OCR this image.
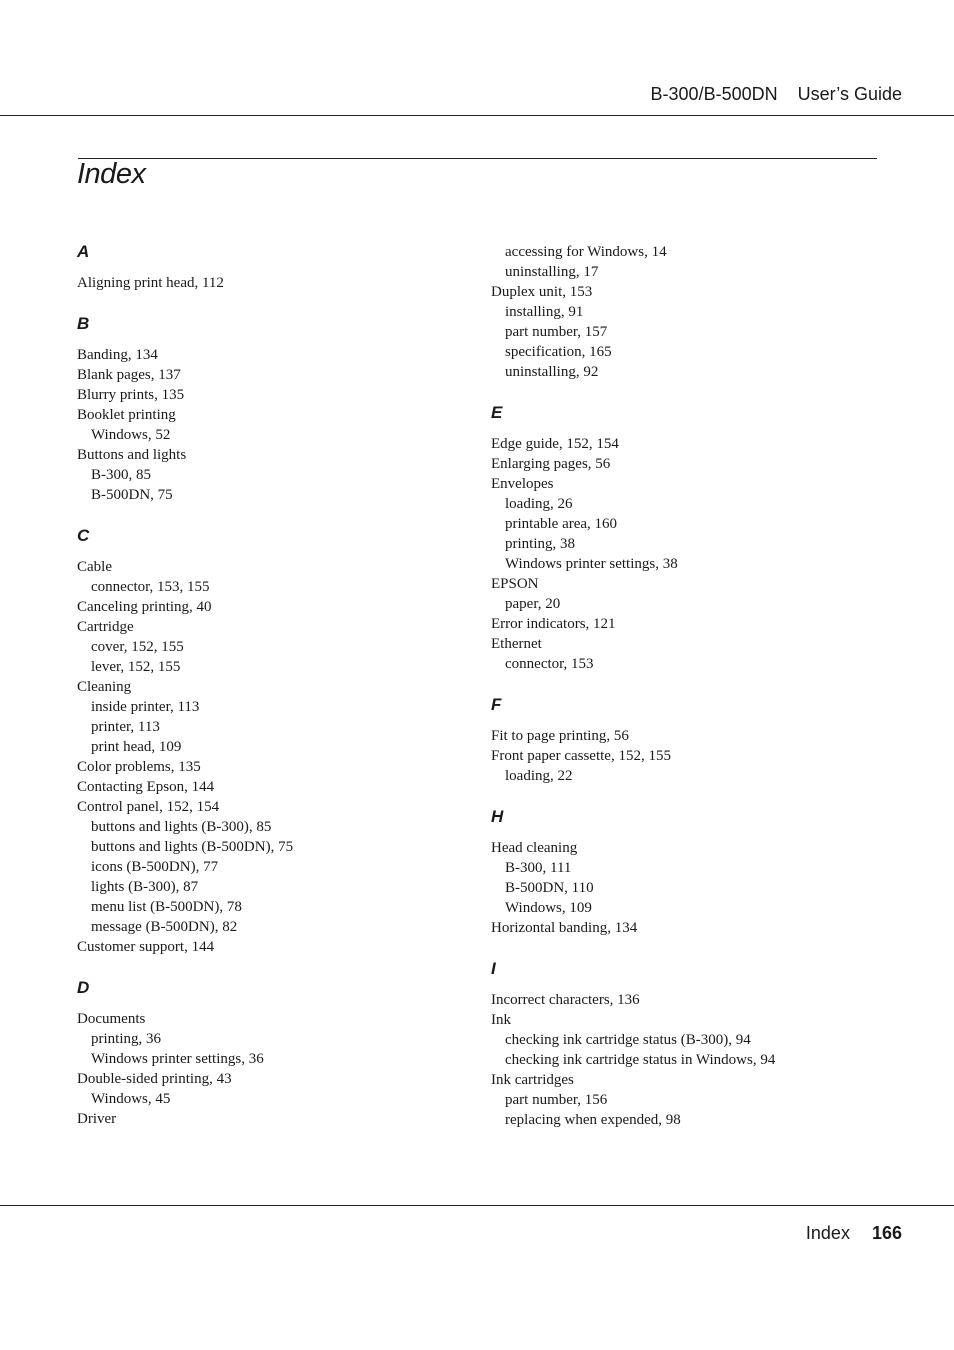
B-300/B-500DN User’s Guide
Index
A
Aligning print head, 112
B
Banding, 134
Blank pages, 137
Blurry prints, 135
Booklet printing
Windows, 52
Buttons and lights
B-300, 85
B-500DN, 75
C
Cable
connector, 153, 155
Canceling printing, 40
Cartridge
cover, 152, 155
lever, 152, 155
Cleaning
inside printer, 113
printer, 113
print head, 109
Color problems, 135
Contacting Epson, 144
Control panel, 152, 154
buttons and lights (B-300), 85
buttons and lights (B-500DN), 75
icons (B-500DN), 77
lights (B-300), 87
menu list (B-500DN), 78
message (B-500DN), 82
Customer support, 144
D
Documents
printing, 36
Windows printer settings, 36
Double-sided printing, 43
Windows, 45
Driver
accessing for Windows, 14
uninstalling, 17
Duplex unit, 153
installing, 91
part number, 157
specification, 165
uninstalling, 92
E
Edge guide, 152, 154
Enlarging pages, 56
Envelopes
loading, 26
printable area, 160
printing, 38
Windows printer settings, 38
EPSON
paper, 20
Error indicators, 121
Ethernet
connector, 153
F
Fit to page printing, 56
Front paper cassette, 152, 155
loading, 22
H
Head cleaning
B-300, 111
B-500DN, 110
Windows, 109
Horizontal banding, 134
I
Incorrect characters, 136
Ink
checking ink cartridge status (B-300), 94
checking ink cartridge status in Windows, 94
Ink cartridges
part number, 156
replacing when expended, 98
Index 166
